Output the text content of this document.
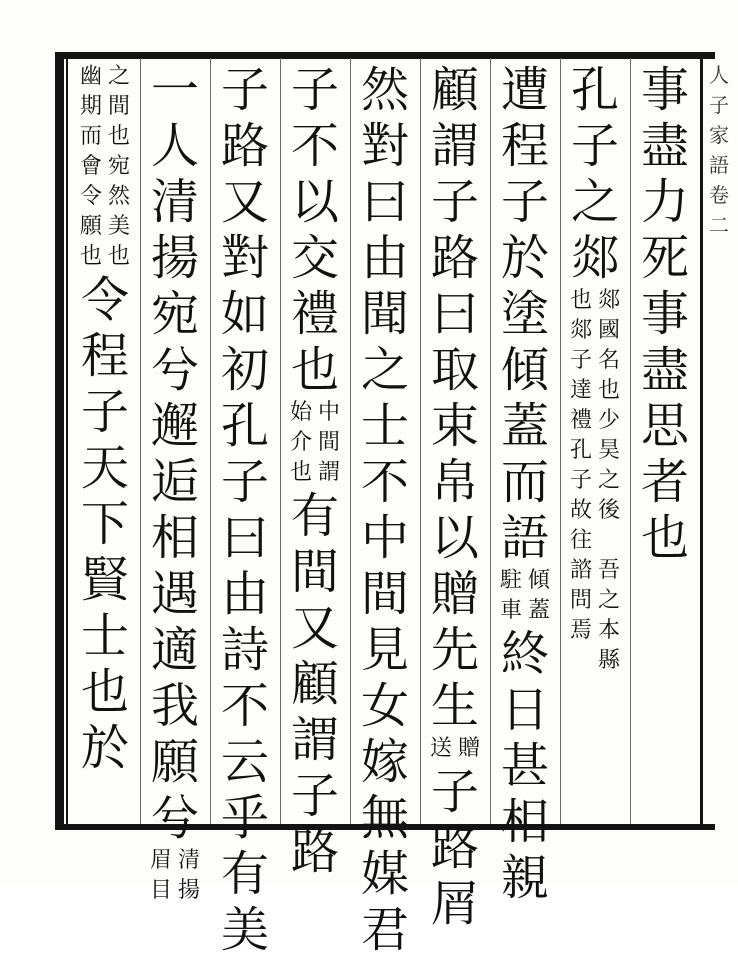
人子家語卷二
事盡力死事盡思者也
孔子之郯
郯國名也少昊之後
也郯子達禮孔子故往
吾之本縣
諮問焉
遭程子於塗傾蓋而語
傾蓋
駐車
終日甚相親
顧謂子路曰取束帛以贈先生
贈
送
子路屑
然對曰由聞之士不中間見女嫁無媒君
子不以交禮也
中間謂
始介也
有間又顧謂子路
子路又對如初孔子曰由詩不云乎有美
一人清揚宛兮邂逅相遇適我願兮
清揚
眉目
之間也宛然美也
幽期而會令願也
令程子天下賢士也於
